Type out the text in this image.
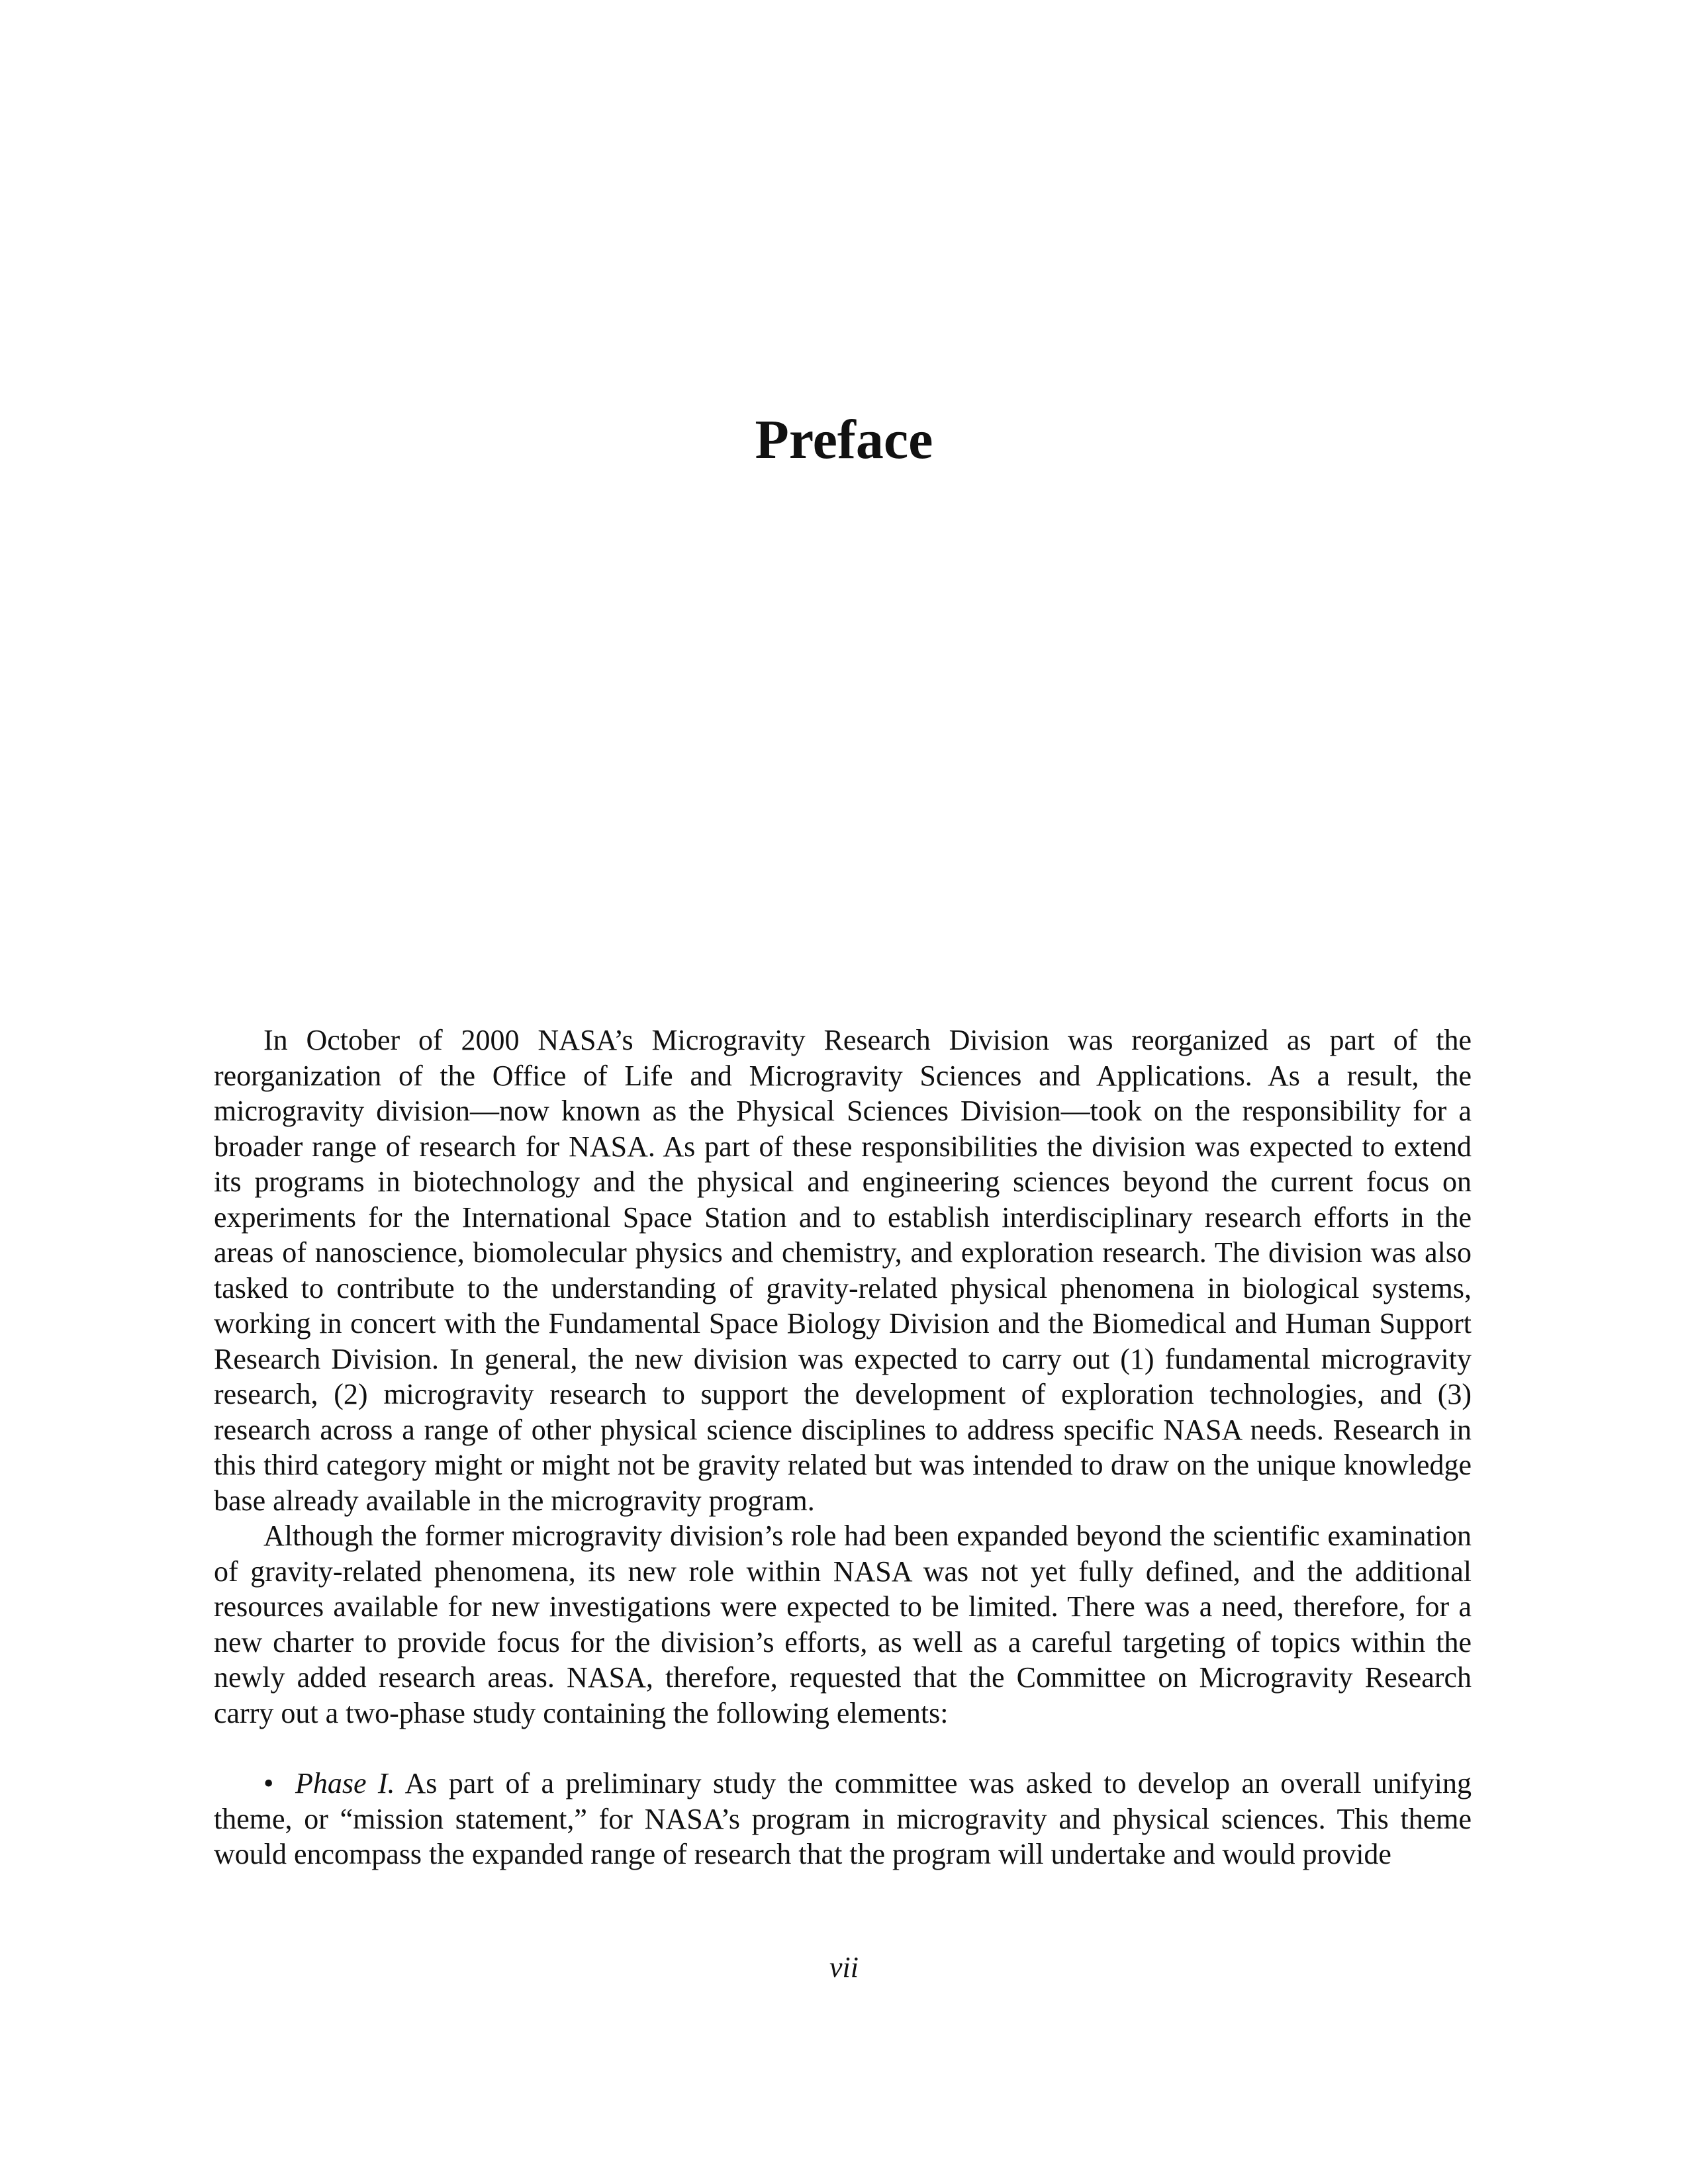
Preface

In October of 2000 NASA’s Microgravity Research Division was reorganized as part of the reorganization of the Office of Life and Microgravity Sciences and Applications. As a result, the microgravity division—now known as the Physical Sciences Division—took on the responsibility for a broader range of research for NASA. As part of these responsibilities the division was expected to extend its programs in biotechnology and the physical and engineering sciences beyond the current focus on experiments for the International Space Station and to establish interdisciplinary research efforts in the areas of nanoscience, biomolecular physics and chemistry, and exploration research. The division was also tasked to contribute to the understanding of gravity-related physical phenomena in biological systems, working in concert with the Fundamental Space Biology Division and the Biomedical and Human Support Research Division. In general, the new division was expected to carry out (1) fundamental microgravity research, (2) microgravity research to support the development of exploration technologies, and (3) research across a range of other physical science disciplines to address specific NASA needs. Research in this third category might or might not be gravity related but was intended to draw on the unique knowledge base already available in the microgravity program.

Although the former microgravity division’s role had been expanded beyond the scientific examination of gravity-related phenomena, its new role within NASA was not yet fully defined, and the additional resources available for new investigations were expected to be limited. There was a need, therefore, for a new charter to provide focus for the division’s efforts, as well as a careful targeting of topics within the newly added research areas. NASA, therefore, requested that the Committee on Microgravity Research carry out a two-phase study containing the following elements:

• Phase I. As part of a preliminary study the committee was asked to develop an overall unifying theme, or “mission statement,” for NASA’s program in microgravity and physical sciences. This theme would encompass the expanded range of research that the program will undertake and would provide
vii
